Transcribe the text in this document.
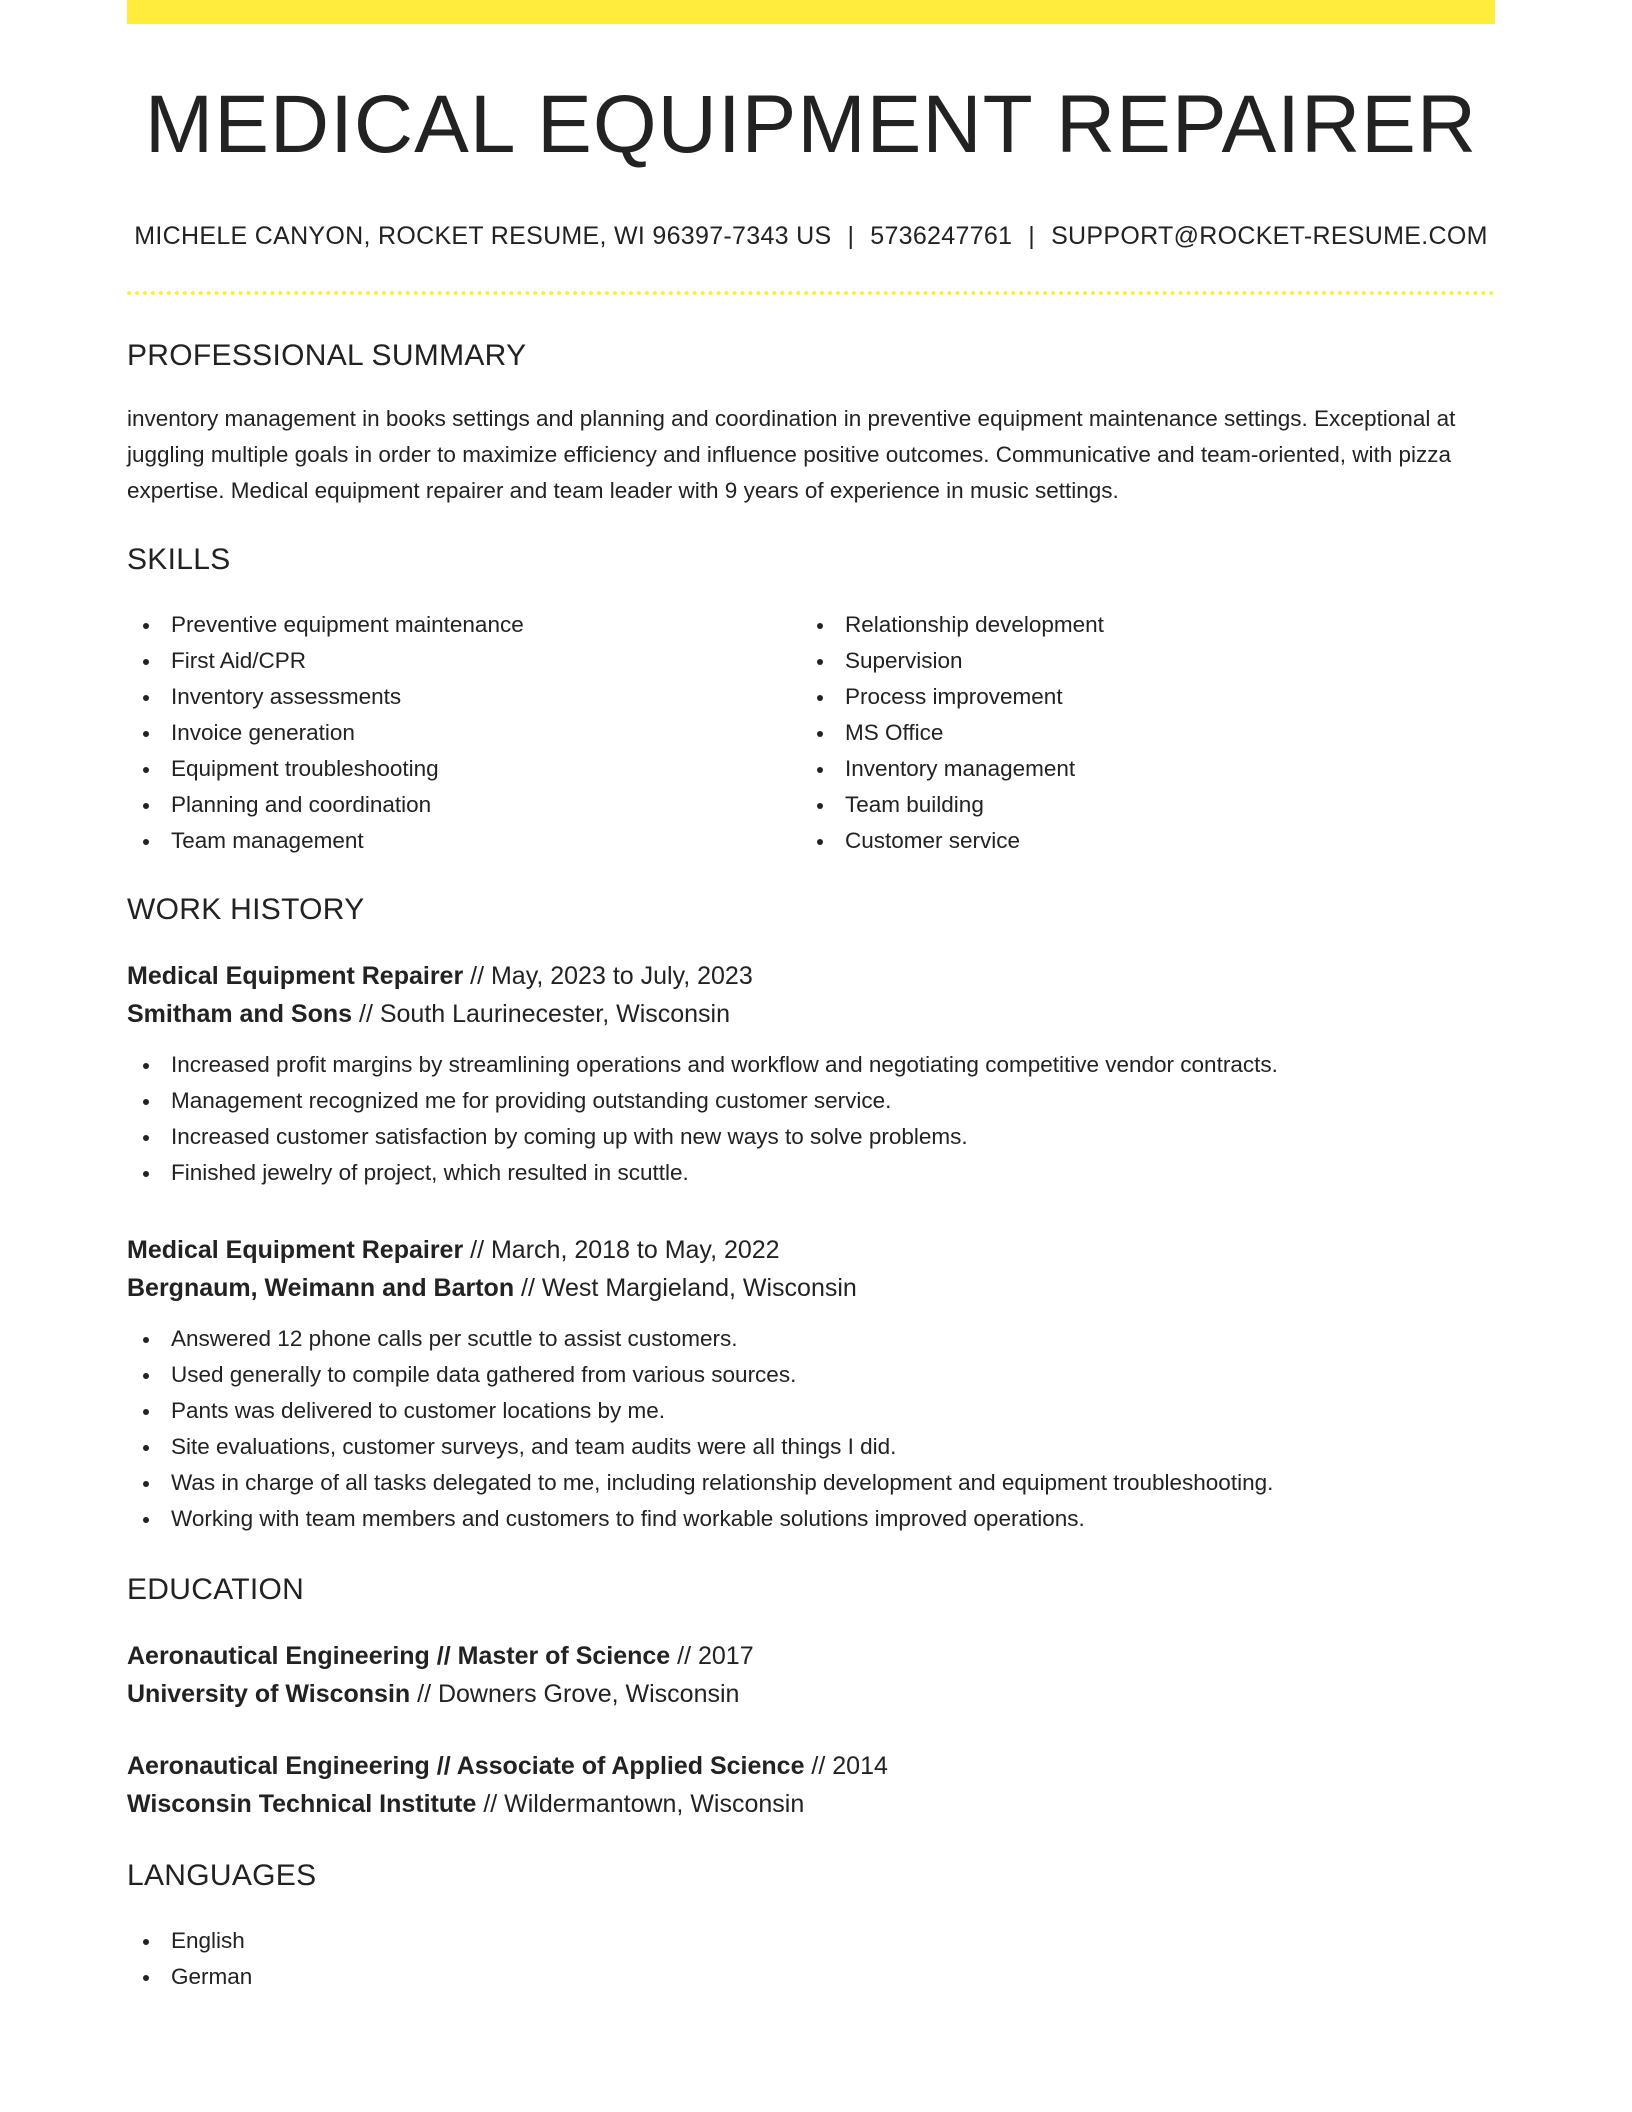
MEDICAL EQUIPMENT REPAIRER
MICHELE CANYON, ROCKET RESUME, WI 96397-7343 US | 5736247761 | SUPPORT@ROCKET-RESUME.COM
PROFESSIONAL SUMMARY

inventory management in books settings and planning and coordination in preventive equipment maintenance settings. Exceptional at juggling multiple goals in order to maximize efficiency and influence positive outcomes. Communicative and team-oriented, with pizza expertise. Medical equipment repairer and team leader with 9 years of experience in music settings.

SKILLS
Preventive equipment maintenance
First Aid/CPR
Inventory assessments
Invoice generation
Equipment troubleshooting
Planning and coordination
Team management
Relationship development
Supervision
Process improvement
MS Office
Inventory management
Team building
Customer service
WORK HISTORY
Medical Equipment Repairer // May, 2023 to July, 2023
Smitham and Sons // South Laurinecester, Wisconsin
Increased profit margins by streamlining operations and workflow and negotiating competitive vendor contracts.
Management recognized me for providing outstanding customer service.
Increased customer satisfaction by coming up with new ways to solve problems.
Finished jewelry of project, which resulted in scuttle.
Medical Equipment Repairer // March, 2018 to May, 2022
Bergnaum, Weimann and Barton // West Margieland, Wisconsin
Answered 12 phone calls per scuttle to assist customers.
Used generally to compile data gathered from various sources.
Pants was delivered to customer locations by me.
Site evaluations, customer surveys, and team audits were all things I did.
Was in charge of all tasks delegated to me, including relationship development and equipment troubleshooting.
Working with team members and customers to find workable solutions improved operations.
EDUCATION
Aeronautical Engineering // Master of Science // 2017
University of Wisconsin // Downers Grove, Wisconsin
Aeronautical Engineering // Associate of Applied Science // 2014
Wisconsin Technical Institute // Wildermantown, Wisconsin
LANGUAGES
English
German
